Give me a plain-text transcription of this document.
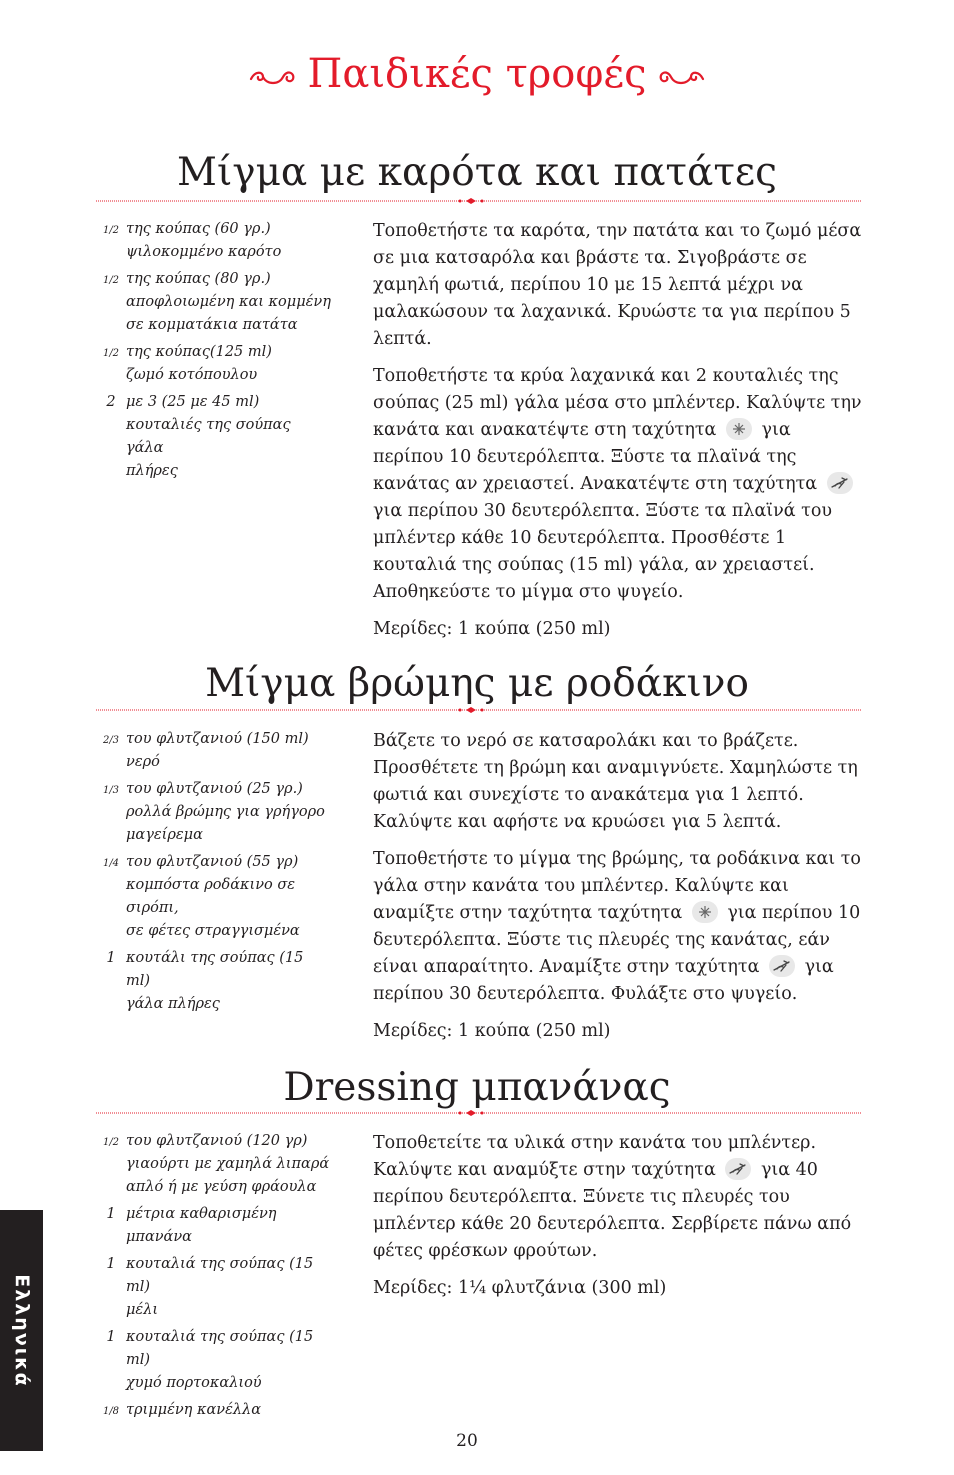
Παιδικές τροφές
Μίγμα με καρότα και πατάτες
1/2 της κούπας (60 γρ.)
ψιλοκομμένο καρότο
1/2 της κούπας (80 γρ.)
αποφλοιωμένη και κομμένη
σε κομματάκια πατάτα
1/2 της κούπας(125 ml)
ζωμό κοτόπουλου
2 με 3 (25 με 45 ml)
κουταλιές της σούπας γάλα
πλήρες

Τοποθετήστε τα καρότα, την πατάτα και το ζωμό μέσα σε μια κατσαρόλα και βράστε τα. Σιγοβράστε σε χαμηλή φωτιά, περίπου 10 με 15 λεπτά μέχρι να μαλακώσουν τα λαχανικά. Κρυώστε τα για περίπου 5 λεπτά.

Τοποθετήστε τα κρύα λαχανικά και 2 κουταλιές της σούπας (25 ml) γάλα μέσα στο μπλέντερ. Καλύψτε την κανάτα και ανακατέψτε στη ταχύτητα	για περίπου 10 δευτερόλεπτα. Ξύστε τα πλαϊνά της κανάτας αν χρειαστεί. Ανακατέψτε στη ταχύτητα
για περίπου 30 δευτερόλεπτα. Ξύστε τα πλαϊνά του μπλέντερ κάθε 10 δευτερόλεπτα. Προσθέστε 1 κουταλιά της σούπας (15 ml) γάλα, αν χρειαστεί. Αποθηκεύστε το μίγμα στο ψυγείο.

Μερίδες: 1 κούπα (250 ml)

Μίγμα βρώμης με ροδάκινο
2/3 του φλυτζανιού (150 ml) νερό
1/3 του φλυτζανιού (25 γρ.)
ρολλά βρώμης για γρήγορο
μαγείρεμα
1/4 του φλυτζανιού (55 γρ)
κομπόστα ροδάκινο σε σιρόπι,
σε φέτες στραγγισμένα
1 κουτάλι της σούπας (15 ml)
γάλα πλήρες

Βάζετε το νερό σε κατσαρολάκι και το βράζετε. Προσθέτετε τη βρώμη και αναμιγνύετε. Χαμηλώστε τη φωτιά και συνεχίστε το ανακάτεμα για 1 λεπτό. Καλύψτε και αφήστε να κρυώσει για 5 λεπτά.

Τοποθετήστε το μίγμα της βρώμης, τα ροδάκινα και το γάλα στην κανάτα του μπλέντερ. Καλύψτε και αναμίξτε στην ταχύτητα ταχύτητα	για περίπου 10 δευτερόλεπτα. Ξύστε τις πλευρές της κανάτας, εάν είναι απαραίτητο. Αναμίξτε στην ταχύτητα	για περίπου 30 δευτερόλεπτα. Φυλάξτε στο ψυγείο.

Μερίδες: 1 κούπα (250 ml)

Dressing μπανάνας
1/2 του φλυτζανιού (120 γρ)
γιαούρτι με χαμηλά λιπαρά
απλό ή με γεύση φράουλα
1 μέτρια καθαρισμένη μπανάνα
1 κουταλιά της σούπας (15 ml)
μέλι
1 κουταλιά της σούπας (15 ml)
χυμό πορτοκαλιού
1/8 τριμμένη κανέλλα

Τοποθετείτε τα υλικά στην κανάτα του μπλέντερ. Καλύψτε και αναμύξτε στην ταχύτητα	για 40 περίπου δευτερόλεπτα. Ξύνετε τις πλευρές του μπλέντερ κάθε 20 δευτερόλεπτα. Σερβίρετε πάνω από φέτες φρέσκων φρούτων.

Μερίδες: 1¼ φλυτζάνια (300 ml)

Ελληνικά
20
